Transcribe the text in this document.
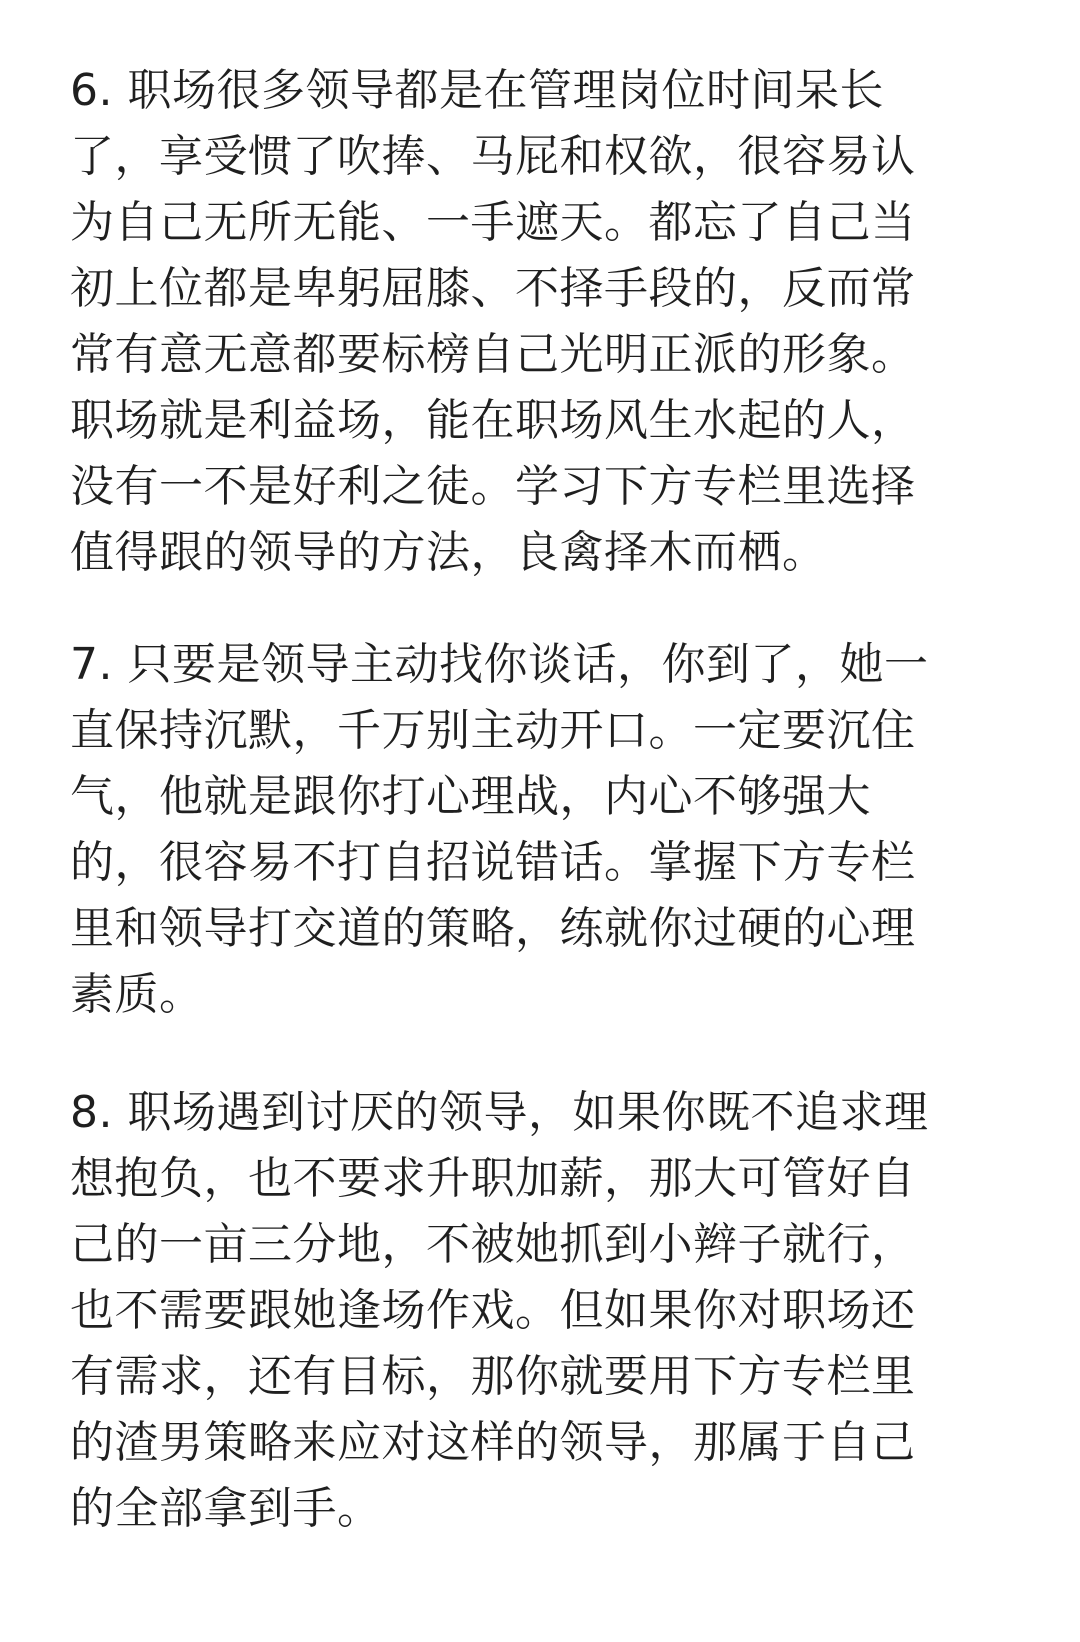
6. 职场很多领导都是在管理岗位时间呆长
了，享受惯了吹捧、马屁和权欲，很容易认
为自己无所无能、一手遮天。都忘了自己当
初上位都是卑躬屈膝、不择手段的，反而常
常有意无意都要标榜自己光明正派的形象。
职场就是利益场，能在职场风生水起的人，
没有一不是好利之徒。学习下方专栏里选择
值得跟的领导的方法，良禽择木而栖。
7. 只要是领导主动找你谈话，你到了，她一
直保持沉默，千万别主动开口。一定要沉住
气，他就是跟你打心理战，内心不够强大
的，很容易不打自招说错话。掌握下方专栏
里和领导打交道的策略，练就你过硬的心理
素质。
8. 职场遇到讨厌的领导，如果你既不追求理
想抱负，也不要求升职加薪，那大可管好自
己的一亩三分地，不被她抓到小辫子就行，
也不需要跟她逢场作戏。但如果你对职场还
有需求，还有目标，那你就要用下方专栏里
的渣男策略来应对这样的领导，那属于自己
的全部拿到手。
